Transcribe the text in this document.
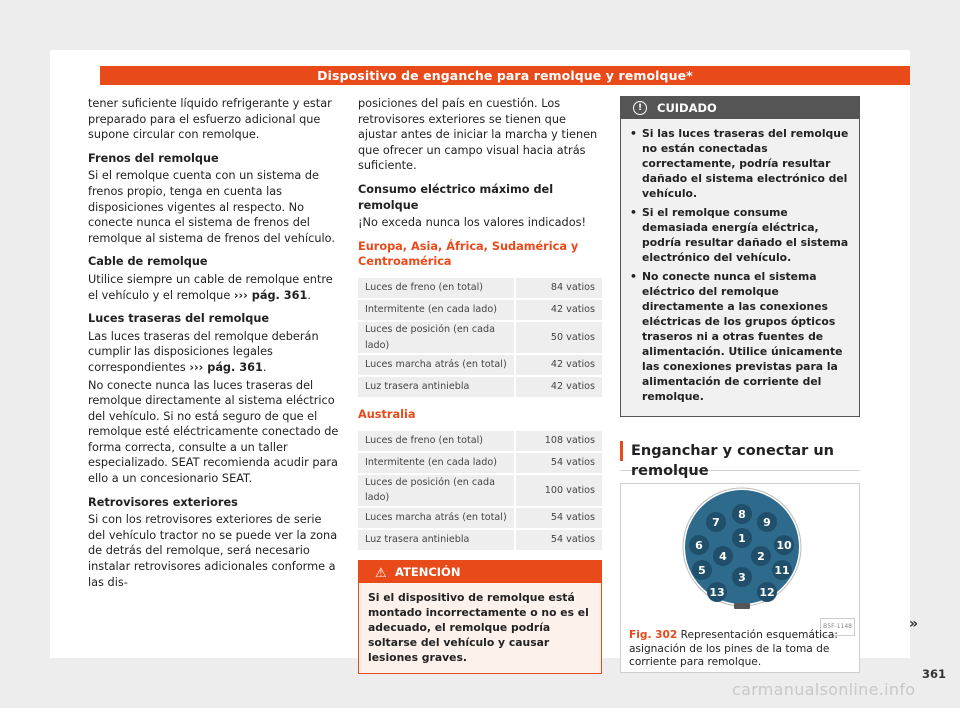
Dispositivo de enganche para remolque y remolque*

tener suficiente líquido refrigerante y estar preparado para el esfuerzo adicional que supone circular con remolque.

Frenos del remolque

Si el remolque cuenta con un sistema de frenos propio, tenga en cuenta las disposiciones vigentes al respecto. No conecte nunca el sistema de frenos del remolque al sistema de frenos del vehículo.

Cable de remolque

Utilice siempre un cable de remolque entre el vehículo y el remolque ››› pág. 361.

Luces traseras del remolque

Las luces traseras del remolque deberán cumplir las disposiciones legales correspondientes ››› pág. 361.

No conecte nunca las luces traseras del remolque directamente al sistema eléctrico del vehículo. Si no está seguro de que el remolque esté eléctricamente conectado de forma correcta, consulte a un taller especializado. SEAT recomienda acudir para ello a un concesionario SEAT.

Retrovisores exteriores

Si con los retrovisores exteriores de serie del vehículo tractor no se puede ver la zona de detrás del remolque, será necesario instalar retrovisores adicionales conforme a las dis-

posiciones del país en cuestión. Los retrovisores exteriores se tienen que ajustar antes de iniciar la marcha y tienen que ofrecer un campo visual hacia atrás suficiente.

Consumo eléctrico máximo del remolque

¡No exceda nunca los valores indicados!

Europa, Asia, África, Sudamérica y Centroamérica
Luces de freno (en total)	84 vatios
Intermitente (en cada lado)	42 vatios
Luces de posición (en cada lado)	50 vatios
Luces marcha atrás (en total)	42 vatios
Luz trasera antiniebla	42 vatios
Australia
Luces de freno (en total)	108 vatios
Intermitente (en cada lado)	54 vatios
Luces de posición (en cada lado)	100 vatios
Luces marcha atrás (en total)	54 vatios
Luz trasera antiniebla	54 vatios
⚠ ATENCIÓN
Si el dispositivo de remolque está montado incorrectamente o no es el adecuado, el remolque podría soltarse del vehículo y causar lesiones graves.
!	CUIDADO
• Si las luces traseras del remolque no están conectadas correctamente, podría resultar dañado el sistema electrónico del vehículo.
• Si el remolque consume demasiada energía eléctrica, podría resultar dañado el sistema electrónico del vehículo.
• No conecte nunca el sistema eléctrico del remolque directamente a las conexiones eléctricas de los grupos ópticos traseros ni a otras fuentes de alimentación. Utilice únicamente las conexiones previstas para la alimentación de corriente del remolque.
Enganchar y conectar un remolque
1
2
3
4
5
6
7
8
9
10
11
12
13
B5F-1148
Fig. 302 Representación esquemática: asignación de los pines de la toma de corriente para remolque.
»
361
carmanualsonline.info
